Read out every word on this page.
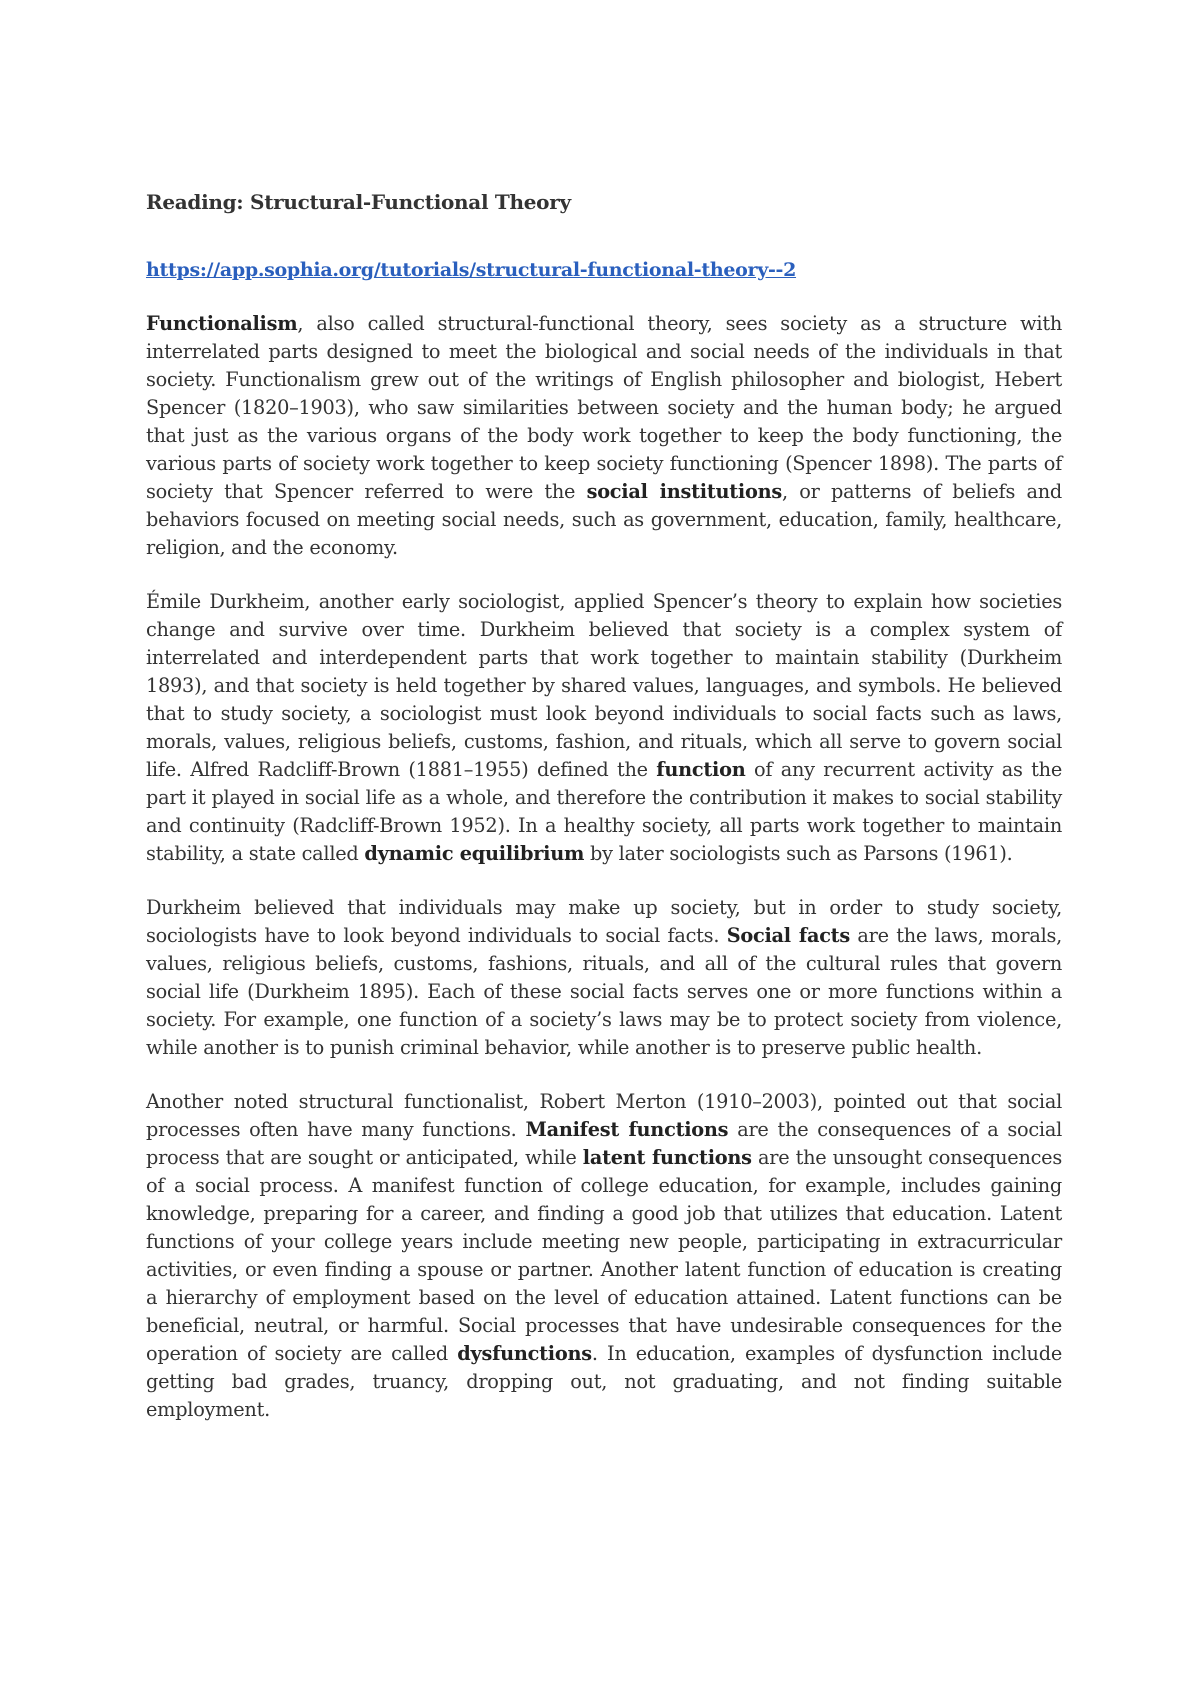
Reading: Structural-Functional Theory
https://app.sophia.org/tutorials/structural-functional-theory--2

Functionalism, also called structural-functional theory, sees society as a structure with interrelated parts designed to meet the biological and social needs of the individuals in that society. Functionalism grew out of the writings of English philosopher and biologist, Hebert Spencer (1820–1903), who saw similarities between society and the human body; he argued that just as the various organs of the body work together to keep the body functioning, the various parts of society work together to keep society functioning (Spencer 1898). The parts of society that Spencer referred to were the social institutions, or patterns of beliefs and behaviors focused on meeting social needs, such as government, education, family, healthcare, religion, and the economy.

Émile Durkheim, another early sociologist, applied Spencer’s theory to explain how societies change and survive over time. Durkheim believed that society is a complex system of interrelated and interdependent parts that work together to maintain stability (Durkheim 1893), and that society is held together by shared values, languages, and symbols. He believed that to study society, a sociologist must look beyond individuals to social facts such as laws, morals, values, religious beliefs, customs, fashion, and rituals, which all serve to govern social life. Alfred Radcliff-Brown (1881–1955) defined the function of any recurrent activity as the part it played in social life as a whole, and therefore the contribution it makes to social stability and continuity (Radcliff-Brown 1952). In a healthy society, all parts work together to maintain stability, a state called dynamic equilibrium by later sociologists such as Parsons (1961).

Durkheim believed that individuals may make up society, but in order to study society, sociologists have to look beyond individuals to social facts. Social facts are the laws, morals, values, religious beliefs, customs, fashions, rituals, and all of the cultural rules that govern social life (Durkheim 1895). Each of these social facts serves one or more functions within a society. For example, one function of a society’s laws may be to protect society from violence, while another is to punish criminal behavior, while another is to preserve public health.

Another noted structural functionalist, Robert Merton (1910–2003), pointed out that social processes often have many functions. Manifest functions are the consequences of a social process that are sought or anticipated, while latent functions are the unsought consequences of a social process. A manifest function of college education, for example, includes gaining knowledge, preparing for a career, and finding a good job that utilizes that education. Latent functions of your college years include meeting new people, participating in extracurricular activities, or even finding a spouse or partner. Another latent function of education is creating a hierarchy of employment based on the level of education attained. Latent functions can be beneficial, neutral, or harmful. Social processes that have undesirable consequences for the operation of society are called dysfunctions. In education, examples of dysfunction include getting bad grades, truancy, dropping out, not graduating, and not finding suitable employment.
